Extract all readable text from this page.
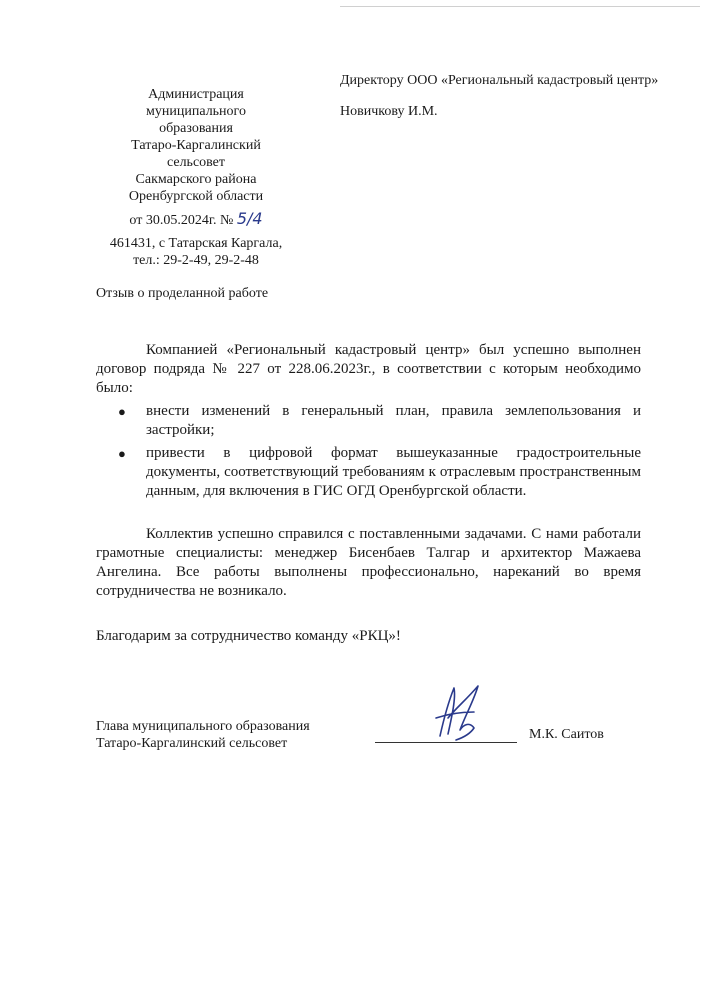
Администрация
муниципального
образования
Татаро-Каргалинский
сельсовет
Сакмарского района
Оренбургской области
от 30.05.2024г. № 5/4
461431, с Татарская Каргала,
тел.: 29-2-49, 29-2-48
Директору ООО «Региональный кадастровый центр»
Новичкову И.М.
Отзыв о проделанной работе

Компанией «Региональный кадастровый центр» был успешно выполнен договор подряда № 227 от 228.06.2023г., в соответствии с которым необходимо было:

● внести изменений в генеральный план, правила землепользования и застройки;
● привести в цифровой формат вышеуказанные градостроительные документы, соответствующий требованиям к отраслевым пространственным данным, для включения в ГИС ОГД Оренбургской области.

Коллектив успешно справился с поставленными задачами. С нами работали грамотные специалисты: менеджер Бисенбаев Талгар и архитектор Мажаева Ангелина. Все работы выполнены профессионально, нареканий во время сотрудничества не возникало.

Благодарим за сотрудничество команду «РКЦ»!

Глава муниципального образования
Татаро-Каргалинский сельсовет
М.К. Саитов
